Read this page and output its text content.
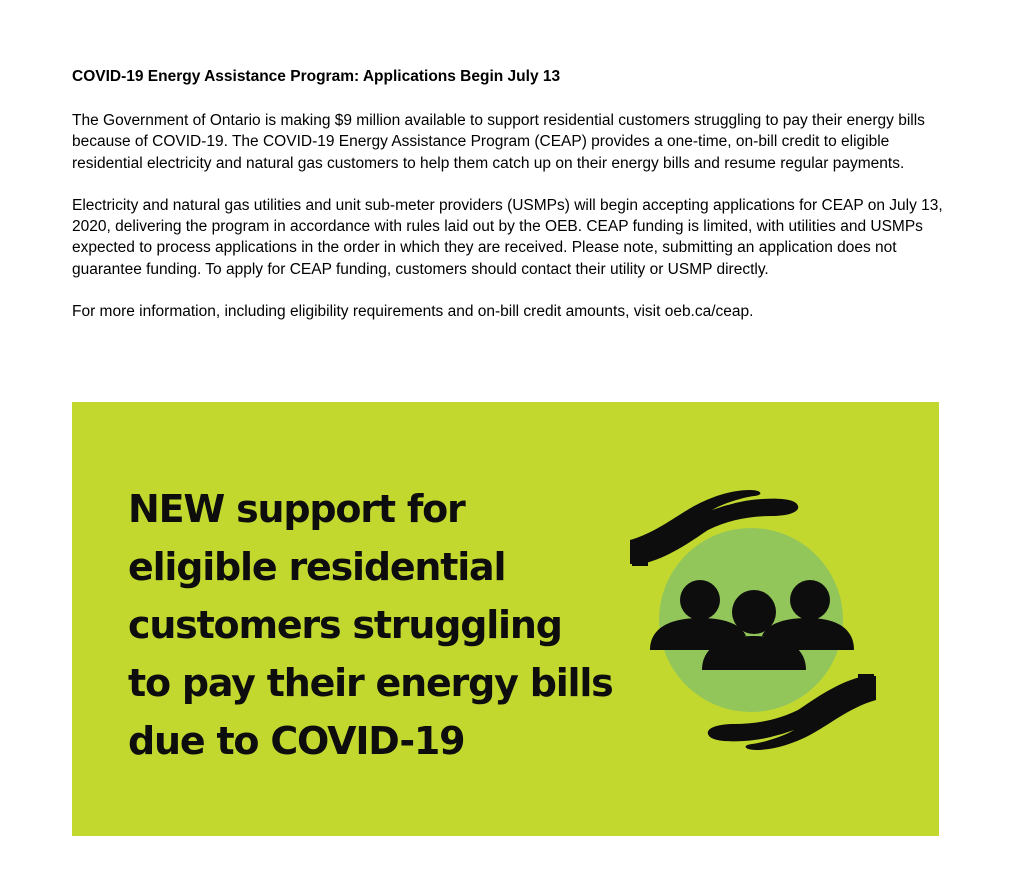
COVID-19 Energy Assistance Program: Applications Begin July 13

The Government of Ontario is making $9 million available to support residential customers struggling to pay their energy bills because of COVID-19. The COVID-19 Energy Assistance Program (CEAP) provides a one-time, on-bill credit to eligible residential electricity and natural gas customers to help them catch up on their energy bills and resume regular payments.

Electricity and natural gas utilities and unit sub-meter providers (USMPs) will begin accepting applications for CEAP on July 13, 2020, delivering the program in accordance with rules laid out by the OEB. CEAP funding is limited, with utilities and USMPs expected to process applications in the order in which they are received. Please note, submitting an application does not guarantee funding. To apply for CEAP funding, customers should contact their utility or USMP directly.

For more information, including eligibility requirements and on-bill credit amounts, visit oeb.ca/ceap.

NEW support for
eligible residential
customers struggling
to pay their energy bills
due to COVID-19
